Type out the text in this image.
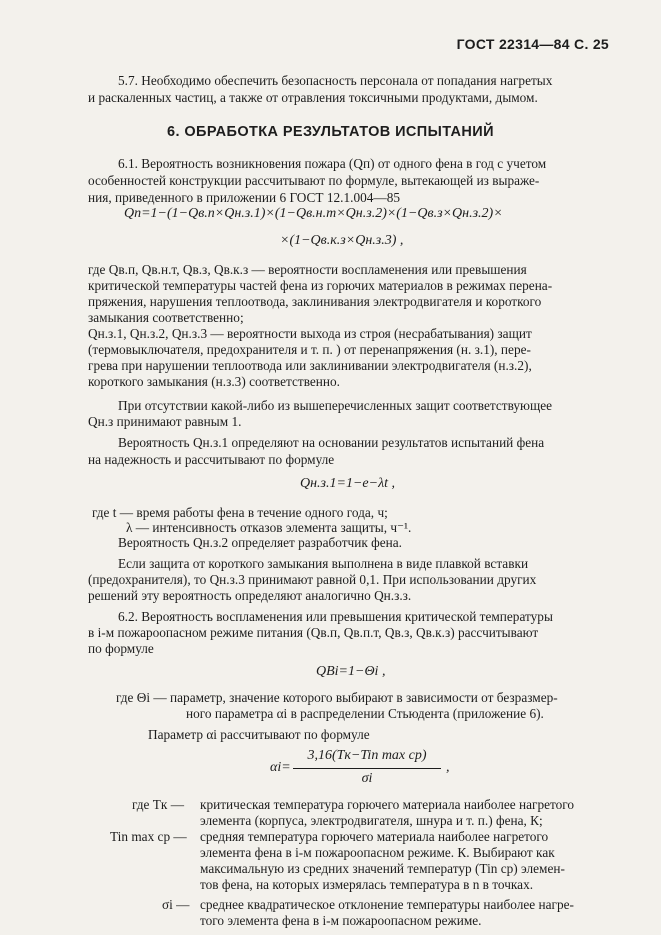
ГОСТ 22314—84 С. 25
5.7. Необходимо обеспечить безопасность персонала от попадания нагретых
и раскаленных частиц, а также от отравления токсичными продуктами, дымом.
6. ОБРАБОТКА РЕЗУЛЬТАТОВ ИСПЫТАНИЙ
6.1. Вероятность возникновения пожара (Qп) от одного фена в год с учетом
особенностей конструкции рассчитывают по формуле, вытекающей из выраже-
ния, приведенного в приложении 6 ГОСТ 12.1.004—85
Qп=1−(1−Qв.п×Qн.з.1)×(1−Qв.н.т×Qн.з.2)×(1−Qв.з×Qн.з.2)×
×(1−Qв.к.з×Qн.з.3) ,
где Qв.п, Qв.н.т, Qв.з, Qв.к.з — вероятности воспламенения или превышения
критической температуры частей фена из горючих материалов в режимах перена-
пряжения, нарушения теплоотвода, заклинивания электродвигателя и короткого
замыкания соответственно;
Qн.з.1, Qн.з.2, Qн.з.3 — вероятности выхода из строя (несрабатывания) защит
(термовыключателя, предохранителя и т. п. ) от перенапряжения (н. з.1), пере-
грева при нарушении теплоотвода или заклинивании электродвигателя (н.з.2),
короткого замыкания (н.з.3) соответственно.
При отсутствии какой-либо из вышеперечисленных защит соответствующее
Qн.з принимают равным 1.
Вероятность Qн.з.1 определяют на основании результатов испытаний фена
на надежность и рассчитывают по формуле
Qн.з.1=1−e−λt ,
где t — время работы фена в течение одного года, ч;
λ — интенсивность отказов элемента защиты, ч⁻¹.
Вероятность Qн.з.2 определяет разработчик фена.
Если защита от короткого замыкания выполнена в виде плавкой вставки
(предохранителя), то Qн.з.3 принимают равной 0,1. При использовании других
решений эту вероятность определяют аналогично Qн.з.з.
6.2. Вероятность воспламенения или превышения критической температуры
в i-м пожароопасном режиме питания (Qв.п, Qв.п.т, Qв.з, Qв.к.з) рассчитывают
по формуле
QBi=1−Θi ,
где Θi — параметр, значение которого выбирают в зависимости от безразмер-
ного параметра αi в распределении Стьюдента (приложение 6).
Параметр αi рассчитывают по формуле
αi=
3,16(Tк−Tin max ср)
σi
,
где Tк — критическая температура горючего материала наиболее нагретого
элемента (корпуса, электродвигателя, шнура и т. п.) фена, К;
Tin max ср — средняя температура горючего материала наиболее нагретого
элемента фена в i-м пожароопасном режиме. К. Выбирают как
максимальную из средних значений температур (Tin ср) элемен-
тов фена, на которых измерялась температура в n в точках.
σi — среднее квадратическое отклонение температуры наиболее нагре-
того элемента фена в i-м пожароопасном режиме.
